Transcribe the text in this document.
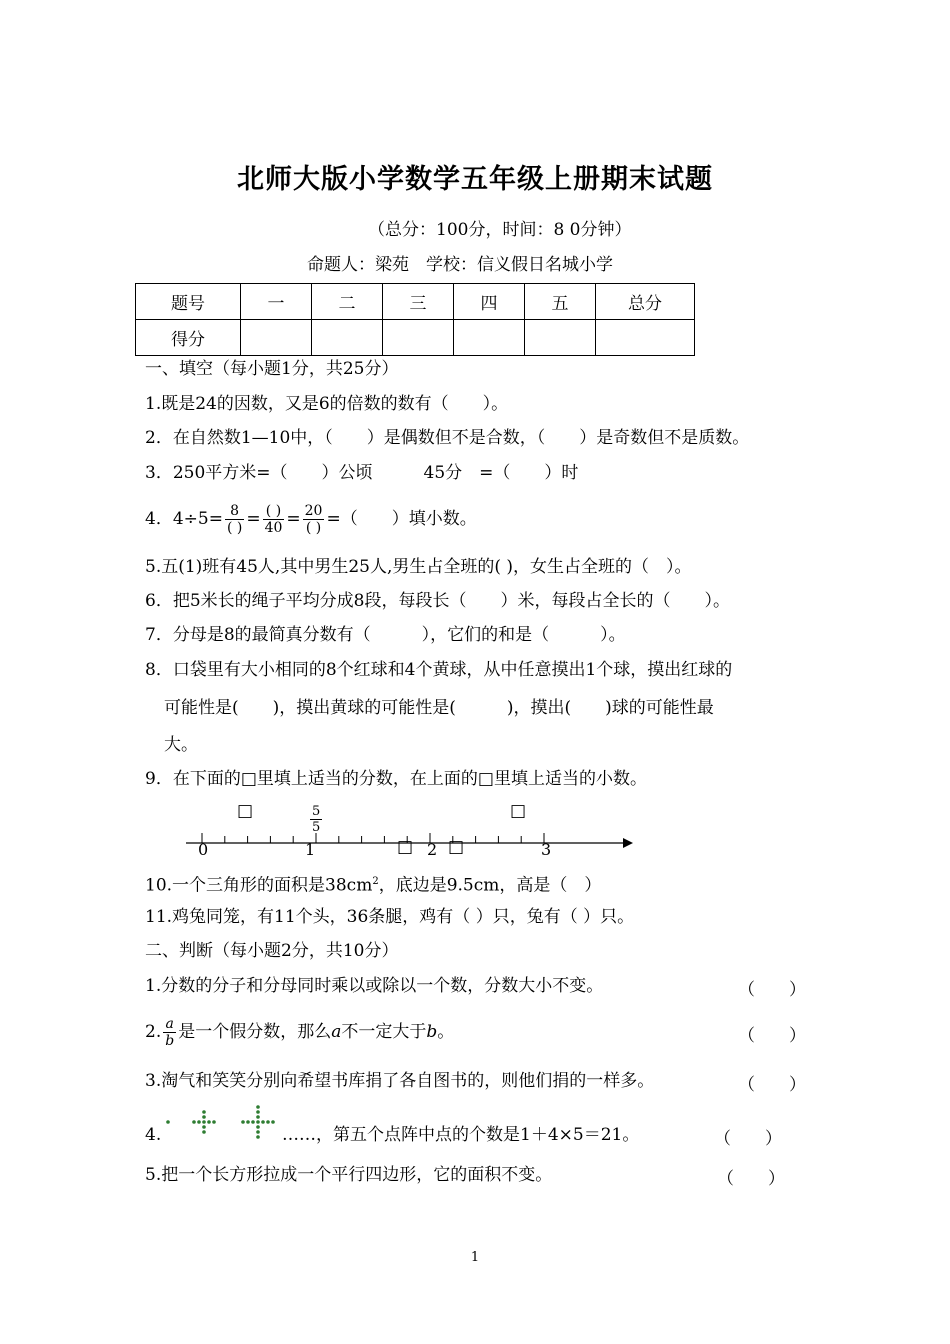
北师大版小学数学五年级上册期末试题
（总分：100分，时间：8 0分钟）
命题人：梁苑　学校：信义假日名城小学
题号	一	二	三	四	五	总分
得分						
一、填空（每小题1分，共25分）
1.既是24的因数，又是6的倍数的数有（　　）。
2．在自然数1—10中，（　　）是偶数但不是合数，（　　）是奇数但不是质数。
3．250平方米=（　　）公顷　　　45分　=（　　）时
4．$4\div 5= \frac{8}{( )} = \frac{( )}{40} = \frac{20}{( )}$ =（　　）填小数。
5.五(1)班有45人,其中男生25人,男生占全班的( )，女生占全班的（　）。
6．把5米长的绳子平均分成8段，每段长（　　）米，每段占全长的（　　）。
7．分母是8的最简真分数有（　　　），它们的和是（　　　）。
8．口袋里有大小相同的8个红球和4个黄球，从中任意摸出1个球，摸出红球的
可能性是(　　)，摸出黄球的可能性是(　　　)，摸出(　　)球的可能性最
大。
9．在下面的□里填上适当的分数，在上面的□里填上适当的小数。
□	□
$\frac{5}{5}$
0	1	□ 2 □	3
10.一个三角形的面积是$38cm^2$，底边是9.5cm，高是（　）
11.鸡兔同笼，有11个头，36条腿，鸡有（ ）只，兔有（ ）只。
二、判断（每小题2分，共10分）
1.分数的分子和分母同时乘以或除以一个数，分数大小不变。	（　　）
2. $\frac{a}{b}$ 是一个假分数，那么a不一定大于b。	（　　）
3.淘气和笑笑分别向希望书库捐了各自图书的，则他们捐的一样多。	（　　）
4.	……，第五个点阵中点的个数是1＋4×5＝21。	（　　）
5.把一个长方形拉成一个平行四边形，它的面积不变。	（　　）
1
